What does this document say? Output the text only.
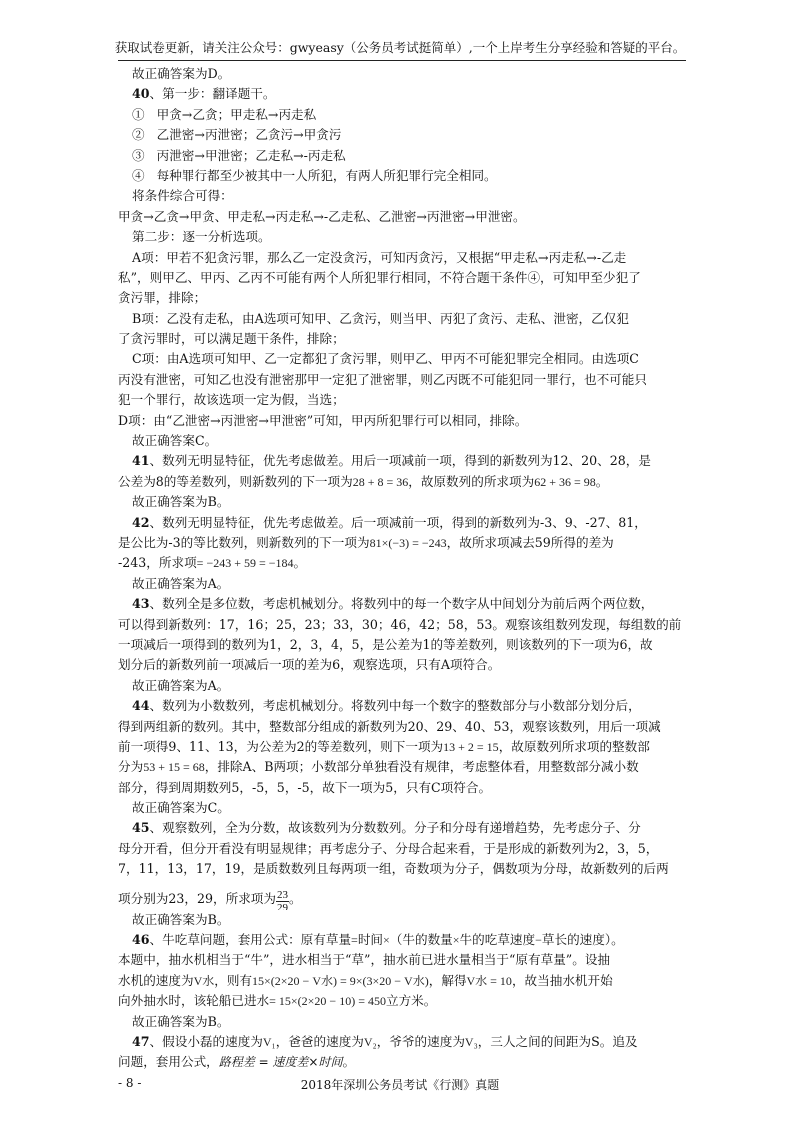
获取试卷更新，请关注公众号：gwyeasy（公务员考试挺简单）,一个上岸考生分享经验和答疑的平台。
故正确答案为D。
40、第一步：翻译题干。
① 甲贪→乙贪；甲走私→丙走私
② 乙泄密→丙泄密；乙贪污→甲贪污
③ 丙泄密→甲泄密；乙走私→-丙走私
④ 每种罪行都至少被其中一人所犯，有两人所犯罪行完全相同。
将条件综合可得：
甲贪→乙贪→甲贪、甲走私→丙走私→-乙走私、乙泄密→丙泄密→甲泄密。
第二步：逐一分析选项。
A项：甲若不犯贪污罪，那么乙一定没贪污，可知丙贪污，又根据“甲走私→丙走私→-乙走
私”，则甲乙、甲丙、乙丙不可能有两个人所犯罪行相同，不符合题干条件④，可知甲至少犯了
贪污罪，排除；
B项：乙没有走私，由A选项可知甲、乙贪污，则当甲、丙犯了贪污、走私、泄密，乙仅犯
了贪污罪时，可以满足题干条件，排除；
C项：由A选项可知甲、乙一定都犯了贪污罪，则甲乙、甲丙不可能犯罪完全相同。由选项C
丙没有泄密，可知乙也没有泄密那甲一定犯了泄密罪，则乙丙既不可能犯同一罪行，也不可能只
犯一个罪行，故该选项一定为假，当选；
D项：由“乙泄密→丙泄密→甲泄密”可知，甲丙所犯罪行可以相同，排除。
故正确答案C。
41、数列无明显特征，优先考虑做差。用后一项减前一项，得到的新数列为12、20、28，是
公差为8的等差数列，则新数列的下一项为28 + 8 = 36，故原数列的所求项为62 + 36 = 98。
故正确答案为B。
42、数列无明显特征，优先考虑做差。后一项减前一项，得到的新数列为-3、9、-27、81，
是公比为-3的等比数列，则新数列的下一项为81×(−3) = −243，故所求项减去59所得的差为
-243，所求项= −243 + 59 = −184。
故正确答案为A。
43、数列全是多位数，考虑机械划分。将数列中的每一个数字从中间划分为前后两个两位数，
可以得到新数列：17，16；25，23；33，30；46，42；58，53。观察该组数列发现，每组数的前
一项减后一项得到的数列为1，2，3，4，5，是公差为1的等差数列，则该数列的下一项为6，故
划分后的新数列前一项减后一项的差为6，观察选项，只有A项符合。
故正确答案为A。
44、数列为小数数列，考虑机械划分。将数列中每一个数字的整数部分与小数部分划分后，
得到两组新的数列。其中，整数部分组成的新数列为20、29、40、53，观察该数列，用后一项减
前一项得9、11、13，为公差为2的等差数列，则下一项为13 + 2 = 15，故原数列所求项的整数部
分为53 + 15 = 68，排除A、B两项；小数部分单独看没有规律，考虑整体看，用整数部分减小数
部分，得到周期数列5，-5，5，-5，故下一项为5，只有C项符合。
故正确答案为C。
45、观察数列，全为分数，故该数列为分数数列。分子和分母有递增趋势，先考虑分子、分
母分开看，但分开看没有明显规律；再考虑分子、分母合起来看，于是形成的新数列为2，3，5，
7，11，13，17，19，是质数数列且每两项一组，奇数项为分子，偶数项为分母，故新数列的后两
项分别为23，29，所求项为 $\frac{23}{29}$ 。
故正确答案为B。
46、牛吃草问题，套用公式：原有草量=时间×（牛的数量×牛的吃草速度−草长的速度）。
本题中，抽水机相当于“牛”，进水相当于“草”，抽水前已进水量相当于“原有草量”。设抽
水机的速度为V水，则有15×(2×20 − V水) = 9×(3×20 − V水)，解得V水 = 10，故当抽水机开始
向外抽水时，该轮船已进水= 15×(2×20 − 10) = 450立方米。
故正确答案为B。
47、假设小磊的速度为V₁，爸爸的速度为V₂，爷爷的速度为V₃，三人之间的间距为S。追及
问题，套用公式，路程差 = 速度差×时间。
2018年深圳公务员考试《行测》真题
- 8 -
